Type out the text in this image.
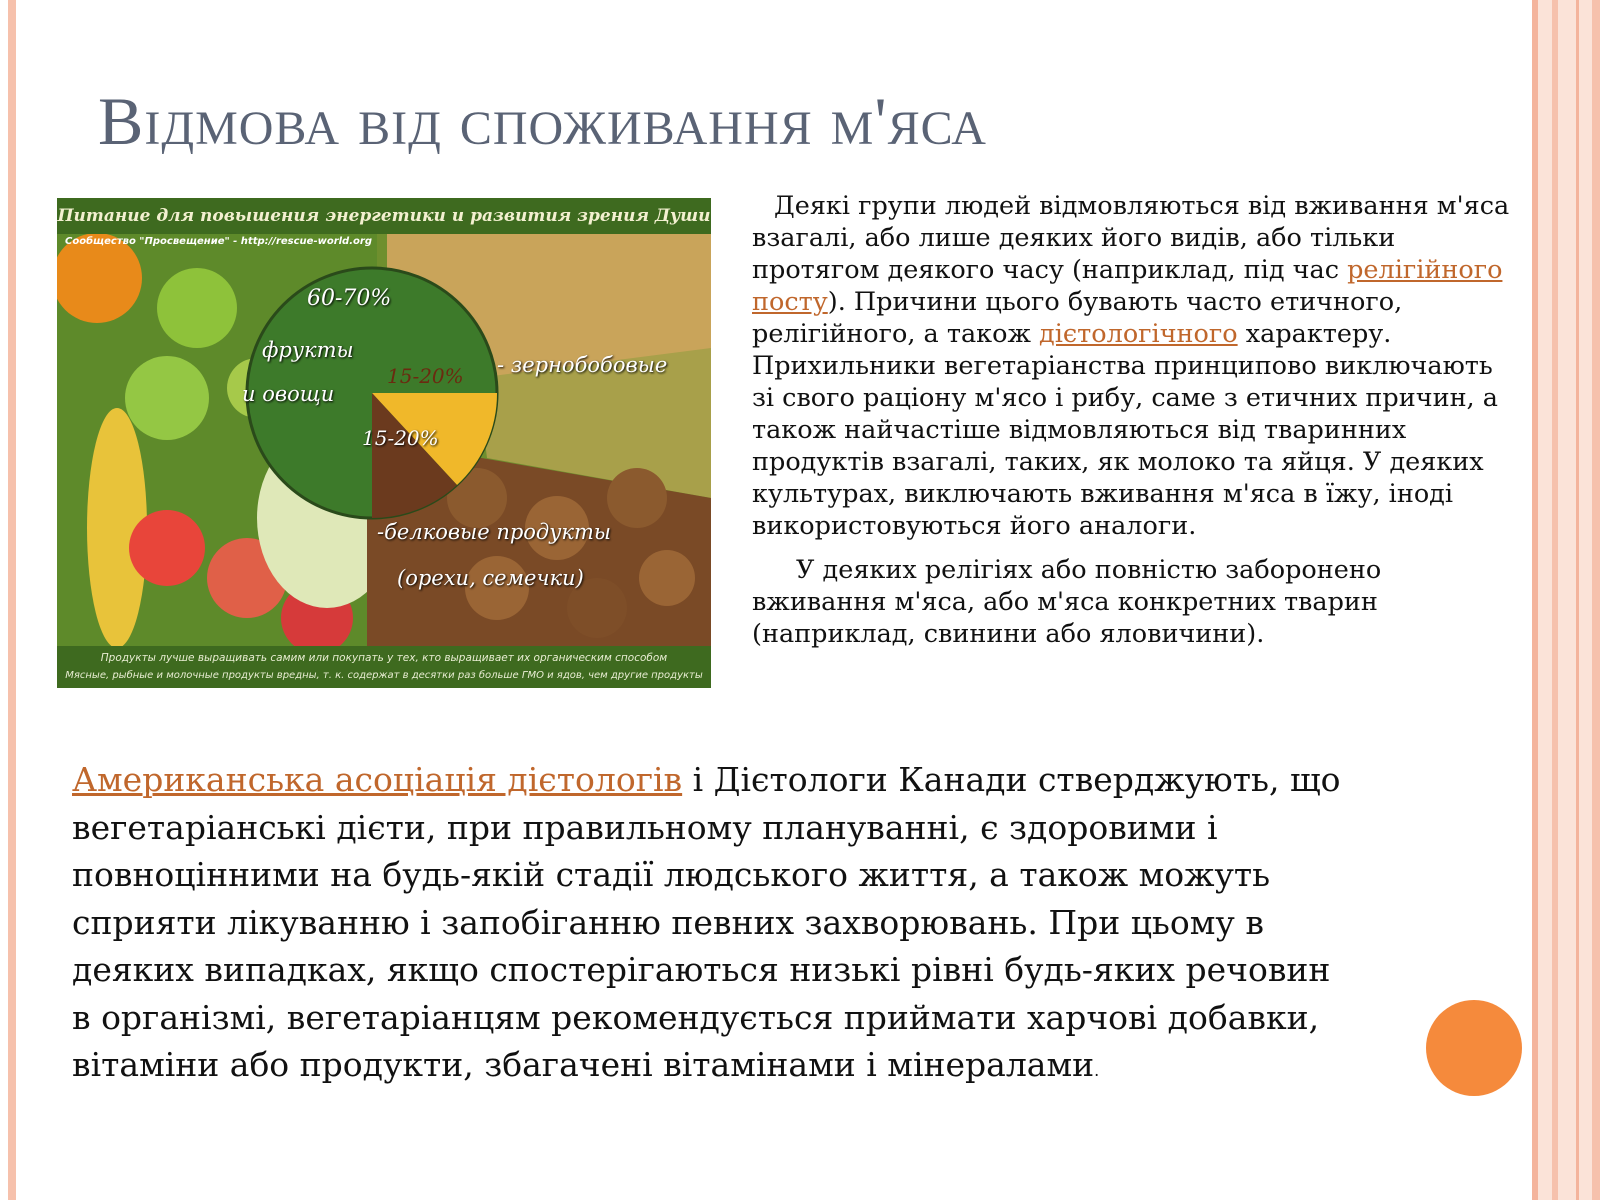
Відмова від споживання м'яса
Питание для повышения энергетики и развития зрения Души
Сообщество "Просвещение" - http://rescue-world.org
60-70%
фрукты
и овощи
15-20% - зернобобовые
15-20%
-белковые продукты
(орехи, семечки)
Продукты лучше выращивать самим или покупать у тех, кто выращивает их органическим способом
Мясные, рыбные и молочные продукты вредны, т. к. содержат в десятки раз больше ГМО и ядов, чем другие продукты

Деякі групи людей відмовляються від вживання м'яса взагалі, або лише деяких його видів, або тільки протягом деякого часу (наприклад, під час релігійного посту). Причини цього бувають часто етичного, релігійного, а також дієтологічного характеру. Прихильники вегетаріанства принципово виключають зі свого раціону м'ясо і рибу, саме з етичних причин, а також найчастіше відмовляються від тваринних продуктів взагалі, таких, як молоко та яйця. У деяких культурах, виключають вживання м'яса в їжу, іноді використовуються його аналоги.

У деяких релігіях або повністю заборонено вживання м'яса, або м'яса конкретних тварин (наприклад, свинини або яловичини).

Американська асоціація дієтологів і Дієтологи Канади стверджують, що вегетаріанські дієти, при правильному плануванні, є здоровими і повноцінними на будь-якій стадії людського життя, а також можуть сприяти лікуванню і запобіганню певних захворювань. При цьому в деяких випадках, якщо спостерігаються низькі рівні будь-яких речовин в організмі, вегетаріанцям рекомендується приймати харчові добавки, вітаміни або продукти, збагачені вітамінами і мінералами.
